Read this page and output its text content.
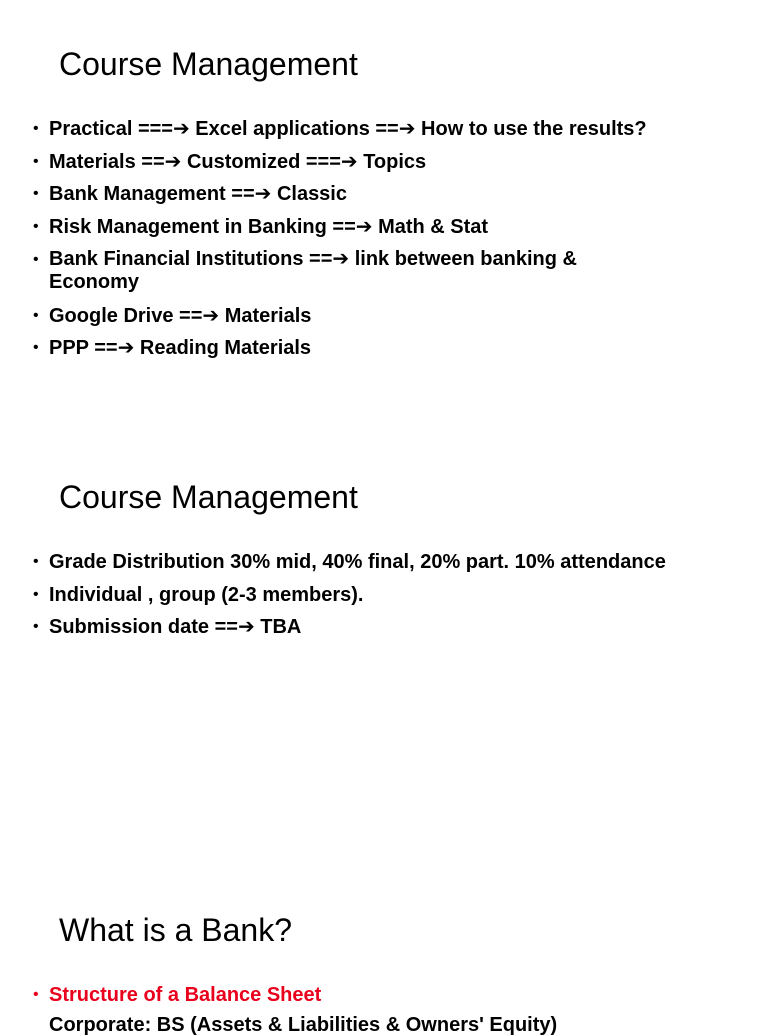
Course Management
• Practical ===➔ Excel applications ==➔ How to use the results?
• Materials ==➔ Customized ===➔ Topics
• Bank Management ==➔ Classic
• Risk Management in Banking ==➔ Math & Stat
• Bank Financial Institutions ==➔ link between banking & Economy
• Google Drive ==➔ Materials
• PPP ==➔ Reading Materials
Course Management
• Grade Distribution 30% mid, 40% final, 20% part. 10% attendance
• Individual , group (2-3 members).
• Submission date ==➔ TBA
What is a Bank?
• Structure of a Balance Sheet
Corporate: BS (Assets & Liabilities & Owners' Equity)
